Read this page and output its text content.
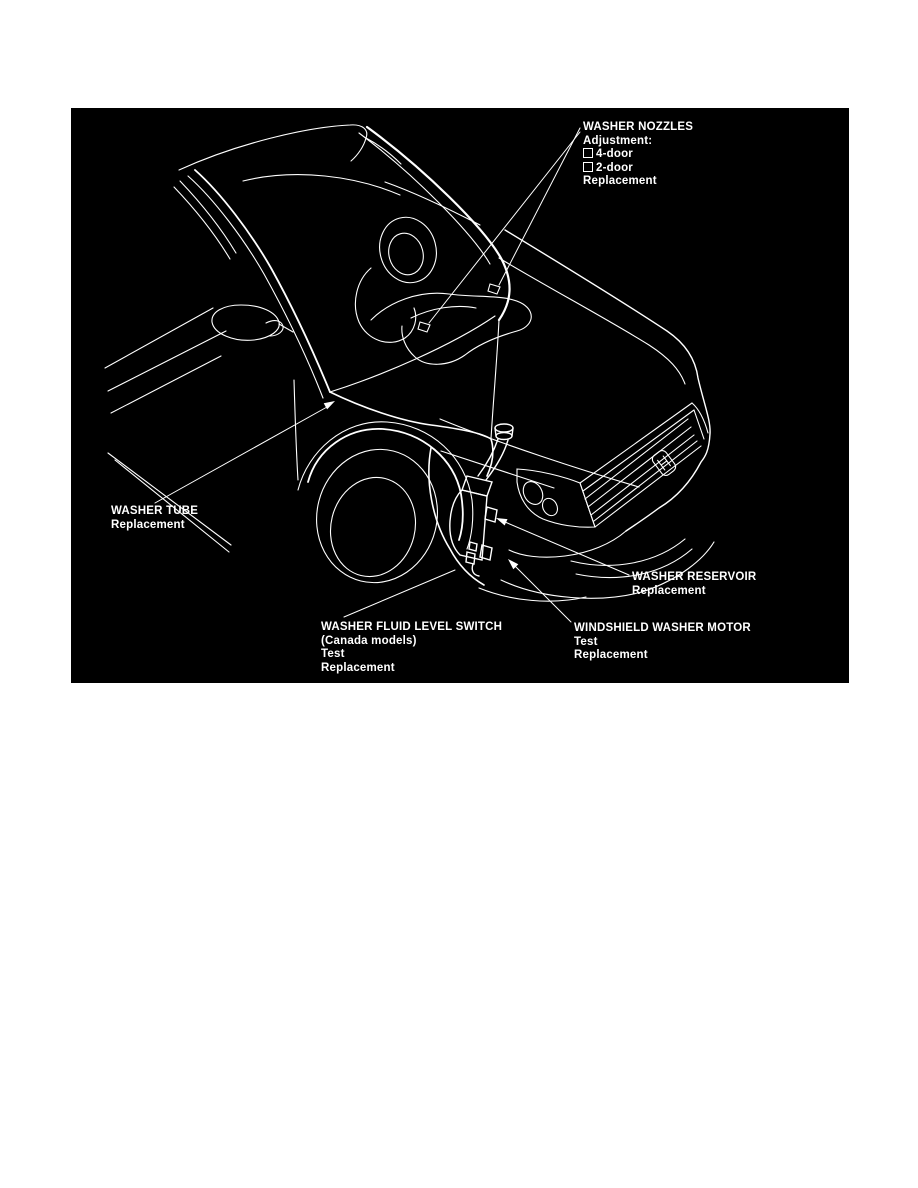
WASHER NOZZLES
Adjustment:
4-door
2-door
Replacement
WASHER TUBE
Replacement
WASHER RESERVOIR
Replacement
WASHER FLUID LEVEL SWITCH
(Canada models)
Test
Replacement
WINDSHIELD WASHER MOTOR
Test
Replacement
